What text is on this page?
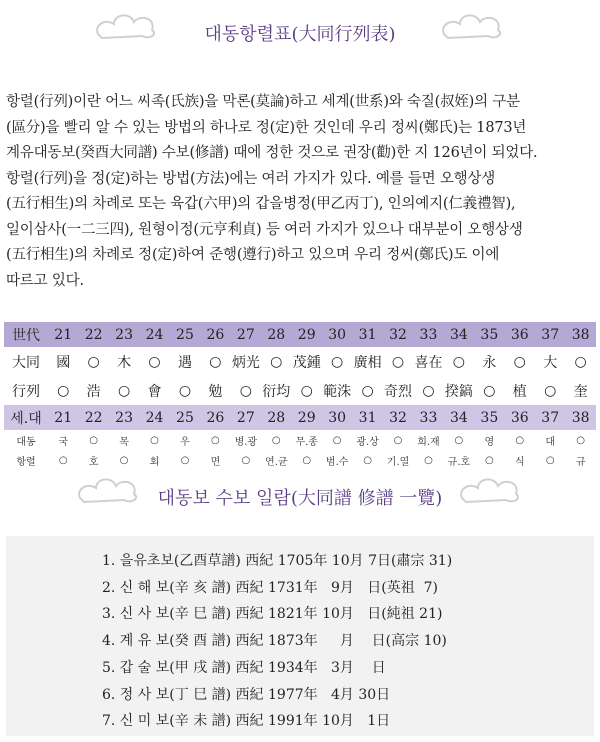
대동항렬표(大同行列表)

항렬(行列)이란 어느 씨족(氏族)을 막론(莫論)하고 세계(世系)와 숙질(叔姪)의 구분

(區分)을 빨리 알 수 있는 방법의 하나로 정(定)한 것인데 우리 정씨(鄭氏)는 1873년

계유대동보(癸酉大同譜) 수보(修譜) 때에 정한 것으로 권장(勸)한 지 126년이 되었다.

항렬(行列)을 정(定)하는 방법(方法)에는 여러 가지가 있다. 예를 들면 오행상생

(五行相生)의 차례로 또는 육갑(六甲)의 갑을병정(甲乙丙丁), 인의예지(仁義禮智),

일이삼사(一二三四), 원형이정(元亨利貞) 등 여러 가지가 있으나 대부분이 오행상생

(五行相生)의 차례로 정(定)하여 준행(遵行)하고 있으며 우리 정씨(鄭氏)도 이에

따르고 있다.

世代	21 22 23 24 25 26 27 28 29 30 31 32 33 34 35 36 37 38
大同	國	○	木	○	遇	○ 炳光 ○ 茂鍾 ○ 廣相 ○ 喜在 ○	永	○	大	○
行列	○	浩	○	會	○	勉	○ 衍均 ○ 範洙 ○ 奇烈 ○ 揆鎬 ○	植	○	奎
세.대 21 22 23 24 25 26 27 28 29 30 31 32 33 34 35 36 37 38
대동	국	○	목	○	우	○	병.광	○	무.종	○	광.상	○	희.재	○	영	○	대	○
항렬	○	호	○	회	○	면	○	연.균	○	범.수	○	기.열	○	규.호	○	식	○	규
대동보 수보 일람(大同譜 修譜 一覽)
1. 을유초보(乙酉草譜) 西紀 1705年 10月 7日(肅宗 31)
2. 신 해 보(辛 亥 譜) 西紀 1731年   9月   日(英祖  7)
3. 신 사 보(辛 巳 譜) 西紀 1821年 10月   日(純祖 21)
4. 계 유 보(癸 酉 譜) 西紀 1873年     月    日(高宗 10)
5. 갑 술 보(甲 戌 譜) 西紀 1934年   3月    日
6. 정 사 보(丁 巳 譜) 西紀 1977年   4月 30日
7. 신 미 보(辛 未 譜) 西紀 1991年 10月   1日
